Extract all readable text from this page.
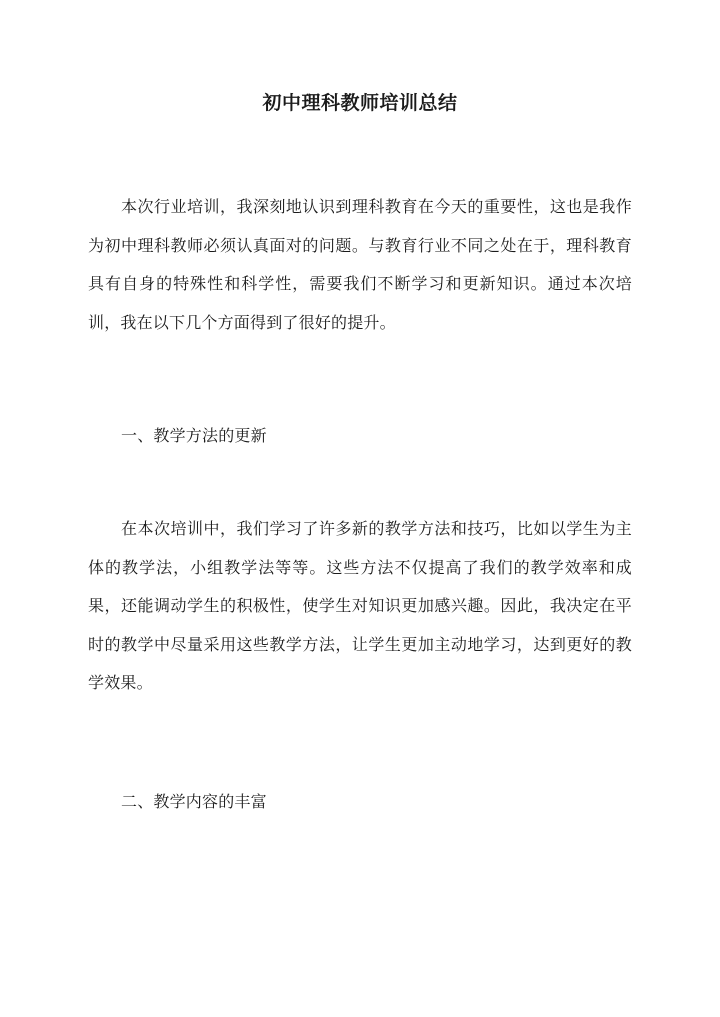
初中理科教师培训总结

本次行业培训，我深刻地认识到理科教育在今天的重要性，这也是我作为初中理科教师必须认真面对的问题。与教育行业不同之处在于，理科教育具有自身的特殊性和科学性，需要我们不断学习和更新知识。通过本次培训，我在以下几个方面得到了很好的提升。

一、教学方法的更新

在本次培训中，我们学习了许多新的教学方法和技巧，比如以学生为主体的教学法，小组教学法等等。这些方法不仅提高了我们的教学效率和成果，还能调动学生的积极性，使学生对知识更加感兴趣。因此，我决定在平时的教学中尽量采用这些教学方法，让学生更加主动地学习，达到更好的教学效果。

二、教学内容的丰富
